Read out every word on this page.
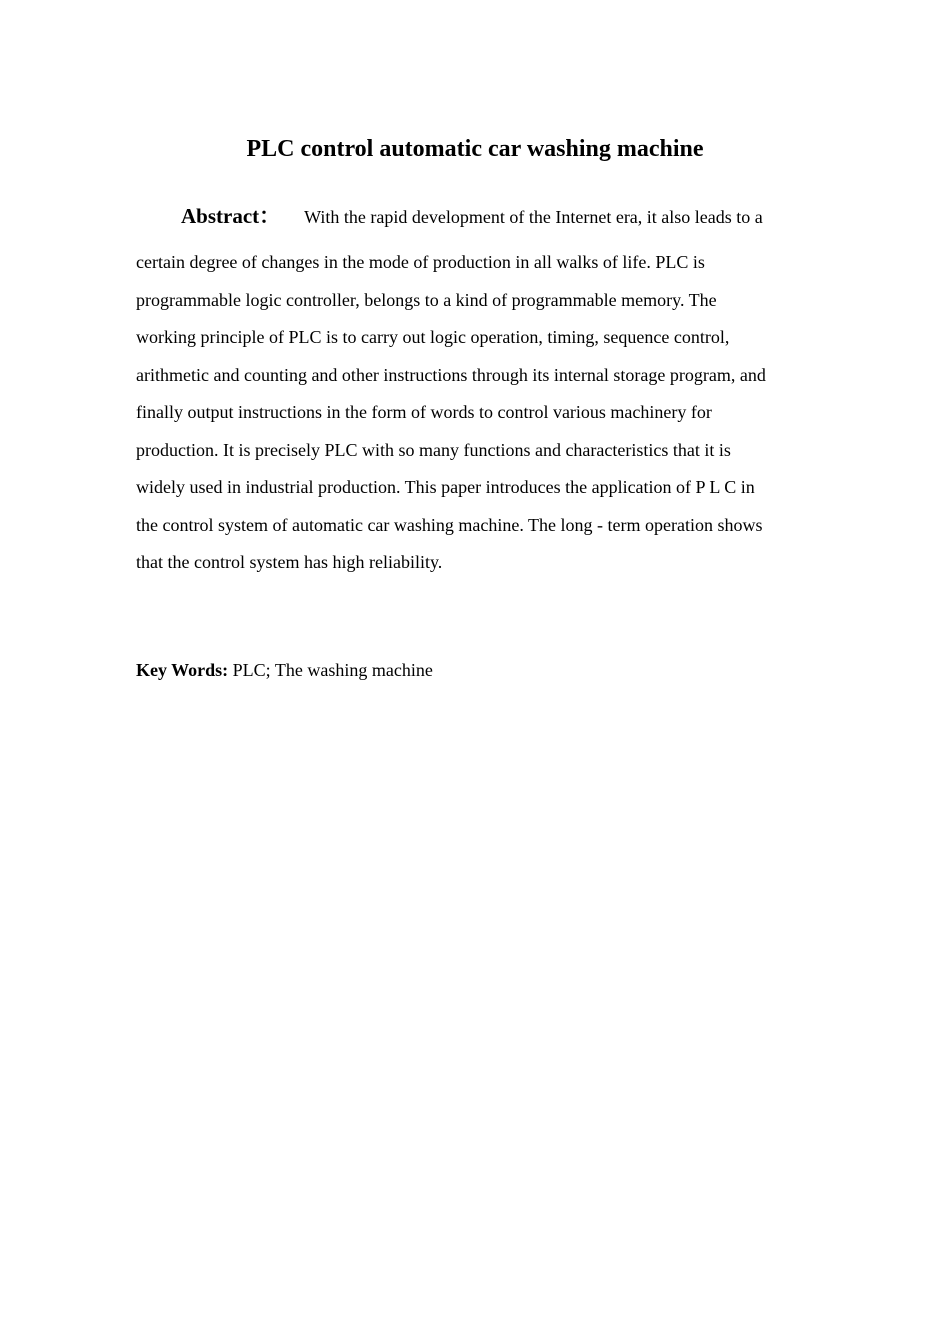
PLC control automatic car washing machine
Abstract： With the rapid development of the Internet era, it also leads to a

certain degree of changes in the mode of production in all walks of life. PLC is

programmable logic controller, belongs to a kind of programmable memory. The

working principle of PLC is to carry out logic operation, timing, sequence control,

arithmetic and counting and other instructions through its internal storage program, and

finally output instructions in the form of words to control various machinery for

production. It is precisely PLC with so many functions and characteristics that it is

widely used in industrial production. This paper introduces the application of P L C in

the control system of automatic car washing machine. The long - term operation shows

that the control system has high reliability.

Key Words: PLC; The washing machine
